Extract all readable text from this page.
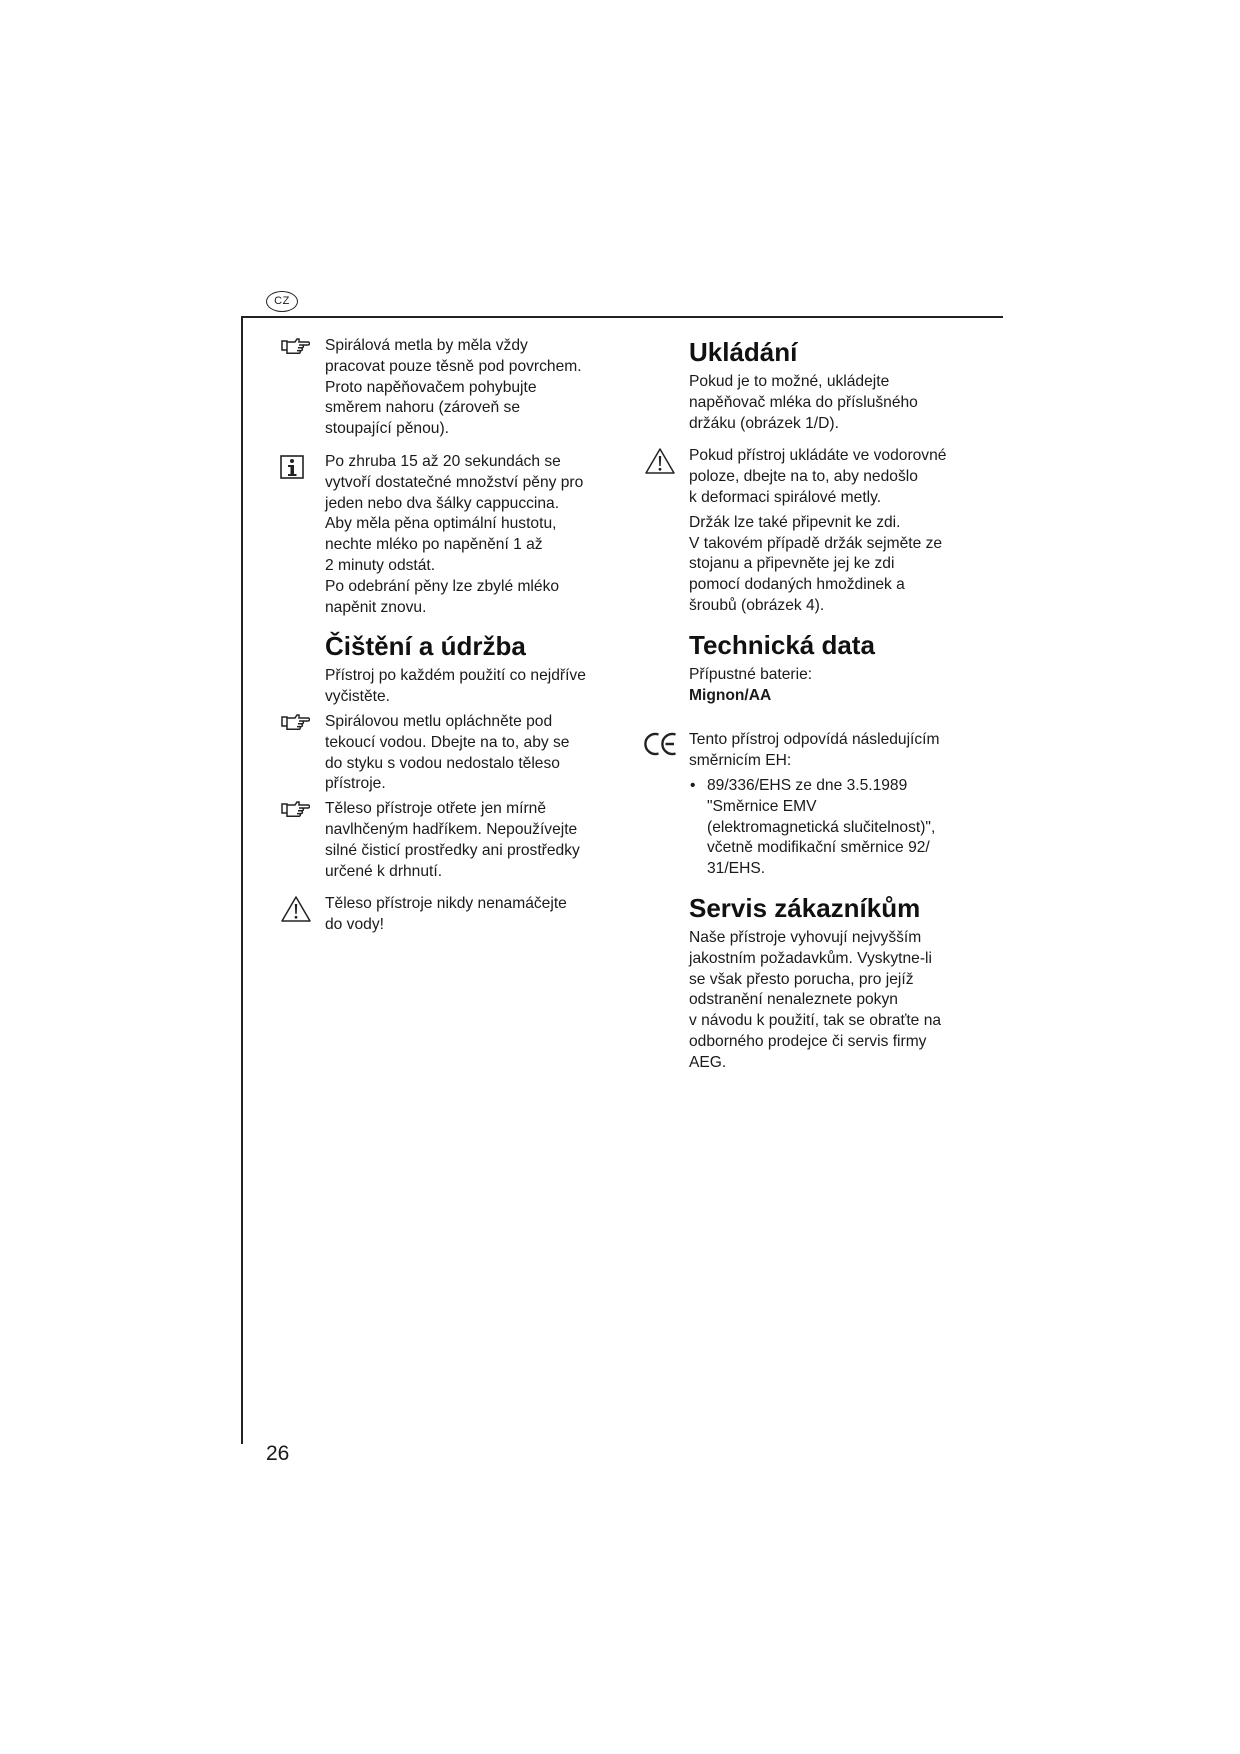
CZ
26

Spirálová metla by měla vždy

pracovat pouze těsně pod povrchem.

Proto napěňovačem pohybujte

směrem nahoru (zároveň se

stoupající pěnou).

Po zhruba 15 až 20 sekundách se

vytvoří dostatečné množství pěny pro

jeden nebo dva šálky cappuccina.

Aby měla pěna optimální hustotu,

nechte mléko po napěnění 1 až

2 minuty odstát.

Po odebrání pěny lze zbylé mléko

napěnit znovu.

Čištění a údržba

Přístroj po každém použití co nejdříve

vyčistěte.

Spirálovou metlu opláchněte pod

tekoucí vodou. Dbejte na to, aby se

do styku s vodou nedostalo těleso

přístroje.

Těleso přístroje otřete jen mírně

navlhčeným hadříkem. Nepoužívejte

silné čisticí prostředky ani prostředky

určené k drhnutí.

Těleso přístroje nikdy nenamáčejte

do vody!

Ukládání

Pokud je to možné, ukládejte

napěňovač mléka do příslušného

držáku (obrázek 1/D).

Pokud přístroj ukládáte ve vodorovné

poloze, dbejte na to, aby nedošlo

k deformaci spirálové metly.

Držák lze také připevnit ke zdi.

V takovém případě držák sejměte ze

stojanu a připevněte jej ke zdi

pomocí dodaných hmoždinek a

šroubů (obrázek 4).

Technická data

Přípustné baterie:

Mignon/AA

Tento přístroj odpovídá následujícím

směrnicím EH:

• 89/336/EHS ze dne 3.5.1989

"Směrnice EMV

(elektromagnetická slučitelnost)",

včetně modifikační směrnice 92/

31/EHS.

Servis zákazníkům

Naše přístroje vyhovují nejvyšším

jakostním požadavkům. Vyskytne-li

se však přesto porucha, pro jejíž

odstranění nenaleznete pokyn

v návodu k použití, tak se obraťte na

odborného prodejce či servis firmy

AEG.
